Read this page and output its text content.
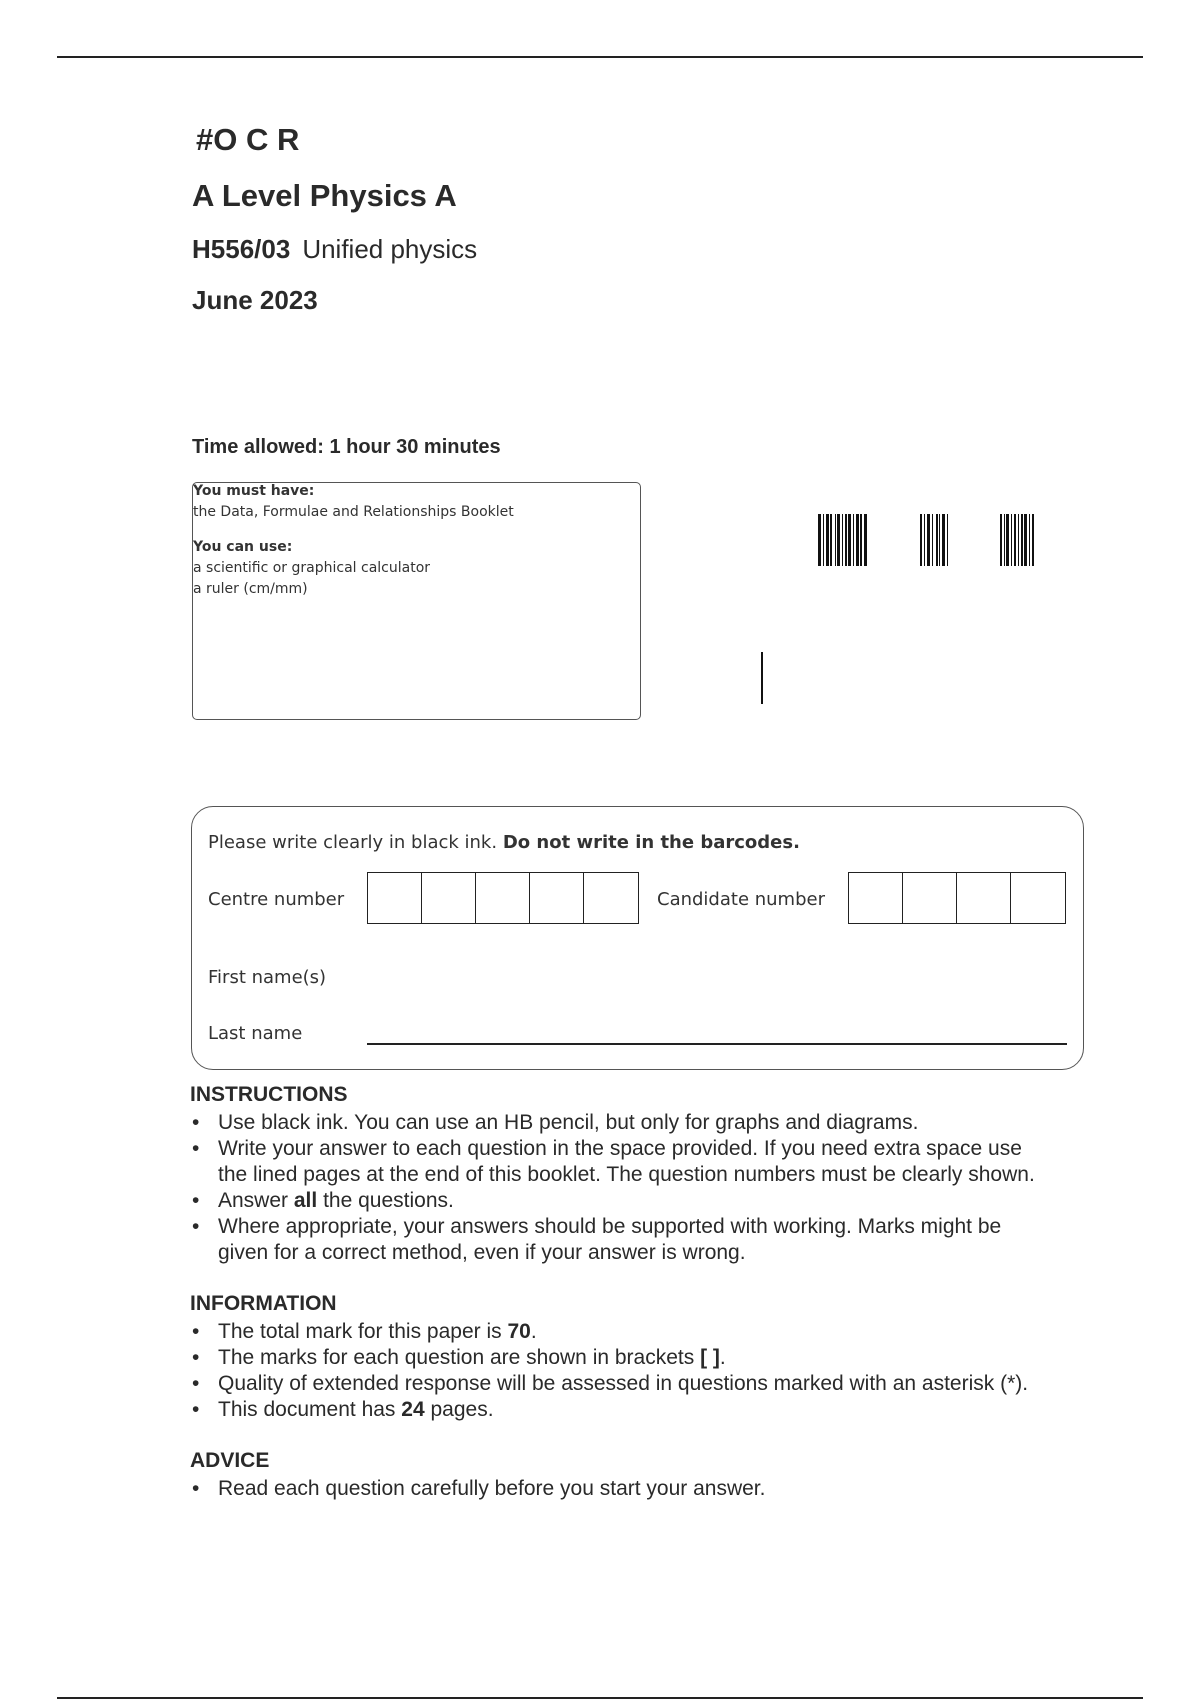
#O C R
A Level Physics A
H556/03 Unified physics
June 2023
Time allowed: 1 hour 30 minutes
You must have:
the Data, Formulae and Relationships Booklet
You can use:
a scientific or graphical calculator
a ruler (cm/mm)
Please write clearly in black ink. Do not write in the barcodes.
Centre number	Candidate number
First name(s)
Last name
INSTRUCTIONS
• Use black ink. You can use an HB pencil, but only for graphs and diagrams.
• Write your answer to each question in the space provided. If you need extra space use
the lined pages at the end of this booklet. The question numbers must be clearly shown.
• Answer all the questions.
• Where appropriate, your answers should be supported with working. Marks might be
given for a correct method, even if your answer is wrong.
INFORMATION
• The total mark for this paper is 70.
• The marks for each question are shown in brackets [ ].
• Quality of extended response will be assessed in questions marked with an asterisk (*).
• This document has 24 pages.
ADVICE
• Read each question carefully before you start your answer.
